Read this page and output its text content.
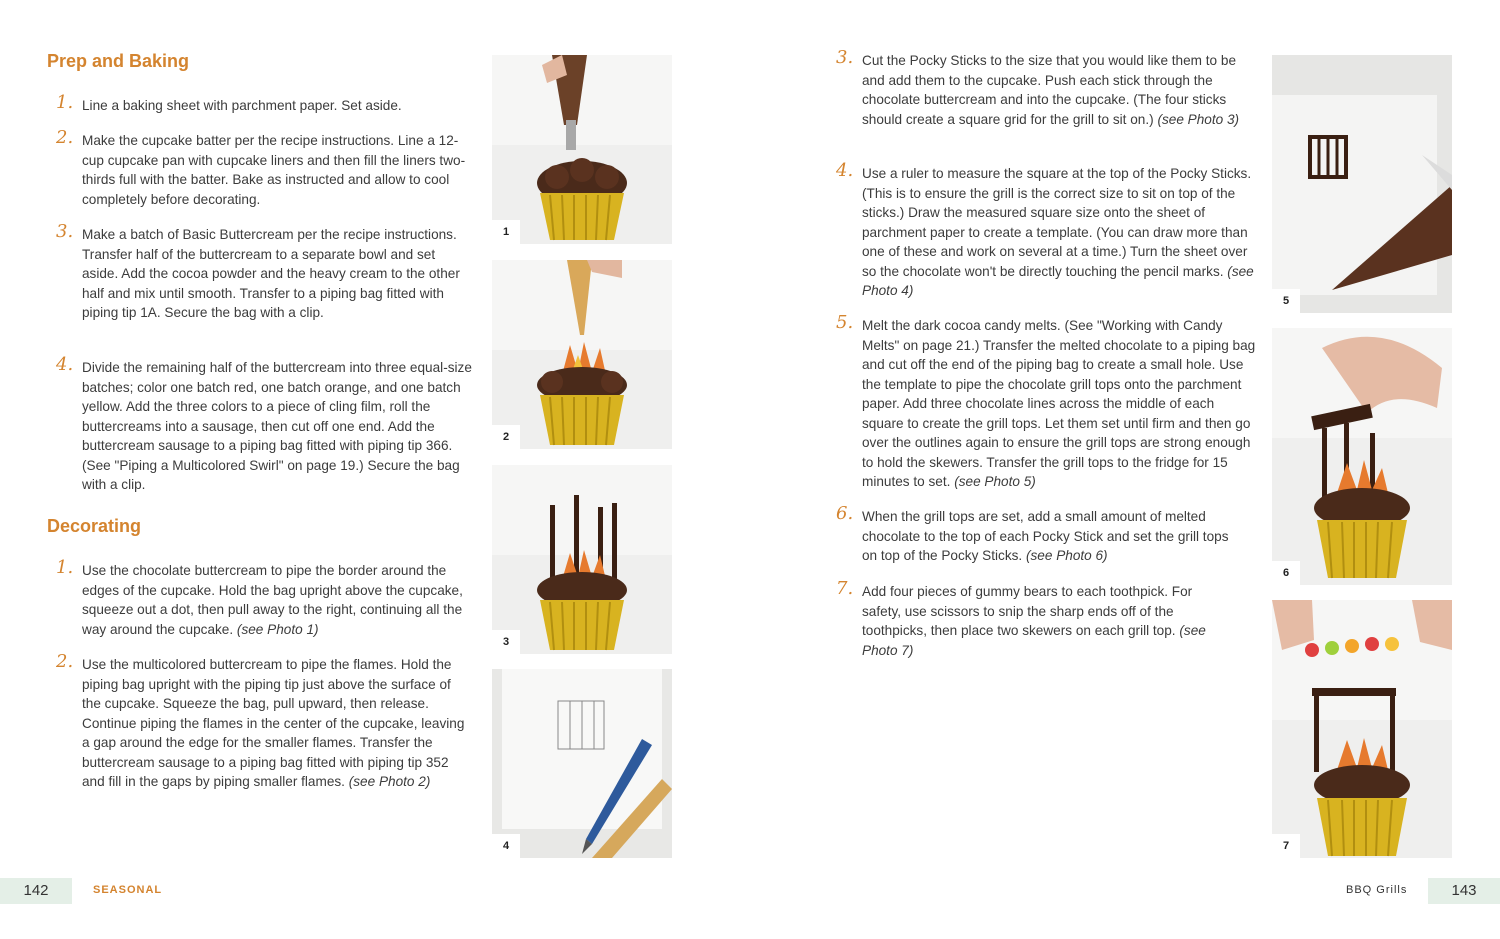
Prep and Baking
1. Line a baking sheet with parchment paper. Set aside.
2. Make the cupcake batter per the recipe instructions. Line a 12-cup cupcake pan with cupcake liners and then fill the liners two-thirds full with the batter. Bake as instructed and allow to cool completely before decorating.
3. Make a batch of Basic Buttercream per the recipe instructions. Transfer half of the buttercream to a separate bowl and set aside. Add the cocoa powder and the heavy cream to the other half and mix until smooth. Transfer to a piping bag fitted with piping tip 1A. Secure the bag with a clip.
4. Divide the remaining half of the buttercream into three equal-size batches; color one batch red, one batch orange, and one batch yellow. Add the three colors to a piece of cling film, roll the buttercreams into a sausage, then cut off one end. Add the buttercream sausage to a piping bag fitted with piping tip 366. (See "Piping a Multicolored Swirl" on page 19.) Secure the bag with a clip.
Decorating
1. Use the chocolate buttercream to pipe the border around the edges of the cupcake. Hold the bag upright above the cupcake, squeeze out a dot, then pull away to the right, continuing all the way around the cupcake. (see Photo 1)
2. Use the multicolored buttercream to pipe the flames. Hold the piping bag upright with the piping tip just above the surface of the cupcake. Squeeze the bag, pull upward, then release. Continue piping the flames in the center of the cupcake, leaving a gap around the edge for the smaller flames. Transfer the buttercream sausage to a piping bag fitted with piping tip 352 and fill in the gaps by piping smaller flames. (see Photo 2)
1
2
3
4
142	SEASONAL
3. Cut the Pocky Sticks to the size that you would like them to be and add them to the cupcake. Push each stick through the chocolate buttercream and into the cupcake. (The four sticks should create a square grid for the grill to sit on.) (see Photo 3)
4. Use a ruler to measure the square at the top of the Pocky Sticks. (This is to ensure the grill is the correct size to sit on top of the sticks.) Draw the measured square size onto the sheet of parchment paper to create a template. (You can draw more than one of these and work on several at a time.) Turn the sheet over so the chocolate won't be directly touching the pencil marks. (see Photo 4)
5. Melt the dark cocoa candy melts. (See "Working with Candy Melts" on page 21.) Transfer the melted chocolate to a piping bag and cut off the end of the piping bag to create a small hole. Use the template to pipe the chocolate grill tops onto the parchment paper. Add three chocolate lines across the middle of each square to create the grill tops. Let them set until firm and then go over the outlines again to ensure the grill tops are strong enough to hold the skewers. Transfer the grill tops to the fridge for 15 minutes to set. (see Photo 5)
6. When the grill tops are set, add a small amount of melted chocolate to the top of each Pocky Stick and set the grill tops on top of the Pocky Sticks. (see Photo 6)
7. Add four pieces of gummy bears to each toothpick. For safety, use scissors to snip the sharp ends off of the toothpicks, then place two skewers on each grill top. (see Photo 7)
5
6
7
BBQ Grills	143
